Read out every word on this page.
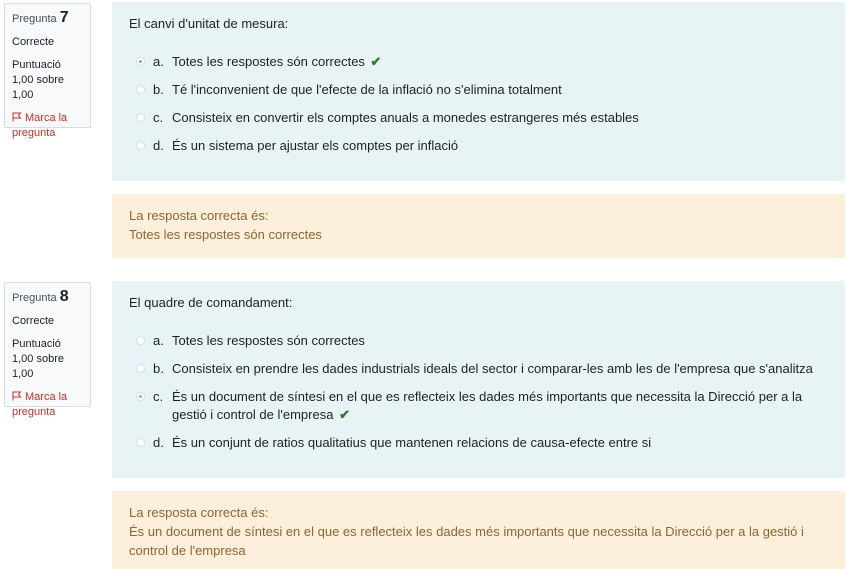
Pregunta 7
Correcte
Puntuació 1,00 sobre 1,00
Marca la pregunta
El canvi d'unitat de mesura:
a. Totes les respostes són correctes ✔
b. Té l'inconvenient de que l'efecte de la inflació no s'elimina totalment
c. Consisteix en convertir els comptes anuals a monedes estrangeres més estables
d. És un sistema per ajustar els comptes per inflació
La resposta correcta és:
Totes les respostes són correctes
Pregunta 8
Correcte
Puntuació 1,00 sobre 1,00
Marca la pregunta
El quadre de comandament:
a. Totes les respostes són correctes
b. Consisteix en prendre les dades industrials ideals del sector i comparar-les amb les de l'empresa que s'analitza
c. És un document de síntesi en el que es reflecteix les dades més importants que necessita la Direcció per a la gestió i control de l'empresa ✔
d. És un conjunt de ratios qualitatius que mantenen relacions de causa-efecte entre si
La resposta correcta és:
És un document de síntesi en el que es reflecteix les dades més importants que necessita la Direcció per a la gestió i control de l'empresa
